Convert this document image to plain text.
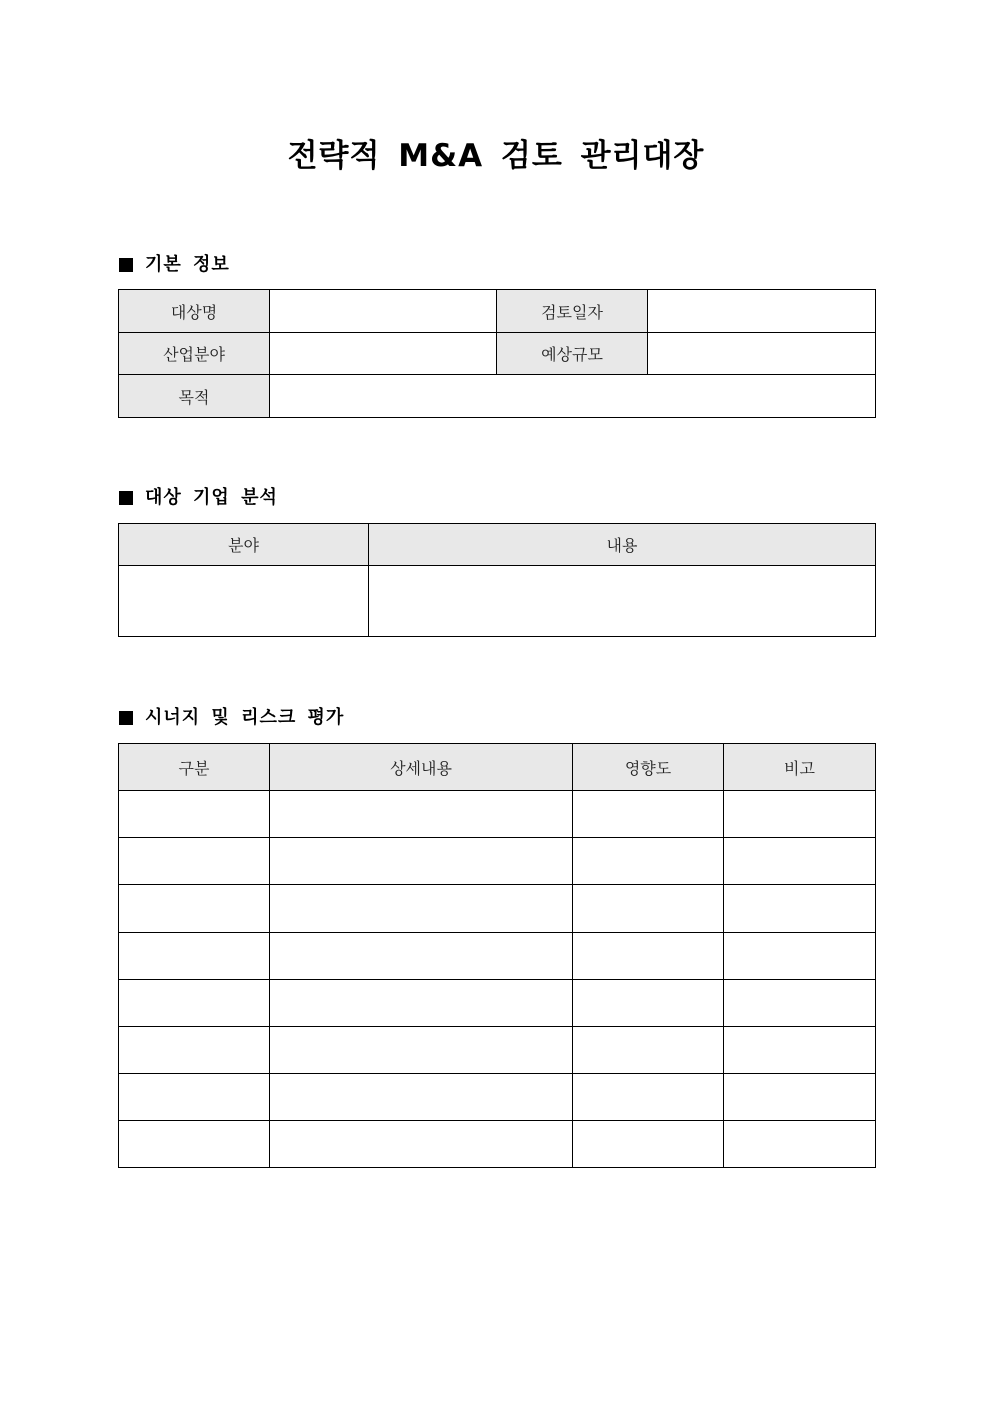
전략적 M&A 검토 관리대장
기본 정보
대상명		검토일자	
산업분야		예상규모	
목적			
대상 기업 분석
분야	내용

시너지 및 리스크 평가
구분	상세내용	영향도	비고
